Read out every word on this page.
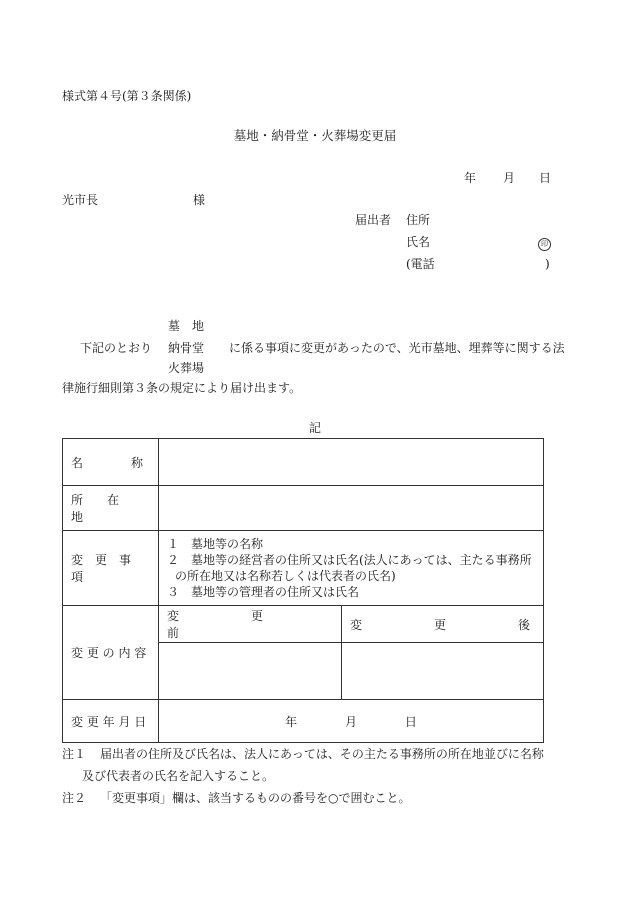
様式第４号(第３条関係)
墓地・納骨堂・火葬場変更届
年 月 日
光市長	様
届出者 住所
氏名	印
(電話	)
墓　地
下記のとおり 納骨堂 に係る事項に変更があったので、光市墓地、埋葬等に関する法
火葬場
律施行細則第３条の規定により届け出ます。
記
名　　　　称		
所　　在　　地		
変　更　事　項	１　墓地等の名称
２　墓地等の経営者の住所又は氏名(法人にあっては、主たる事務所
の所在地又は名称若しくは代表者の氏名)
３　墓地等の管理者の住所又は氏名	

変 更 の 内 容	変　　　　　　更　　　　　　前	変　　　　　　更　　　　　　後

変 更 年 月 日	年 月 日	
注１ 届出者の住所及び氏名は、法人にあっては、その主たる事務所の所在地並びに名称
及び代表者の氏名を記入すること。
注２ 「変更事項」欄は、該当するものの番号を○で囲むこと。
